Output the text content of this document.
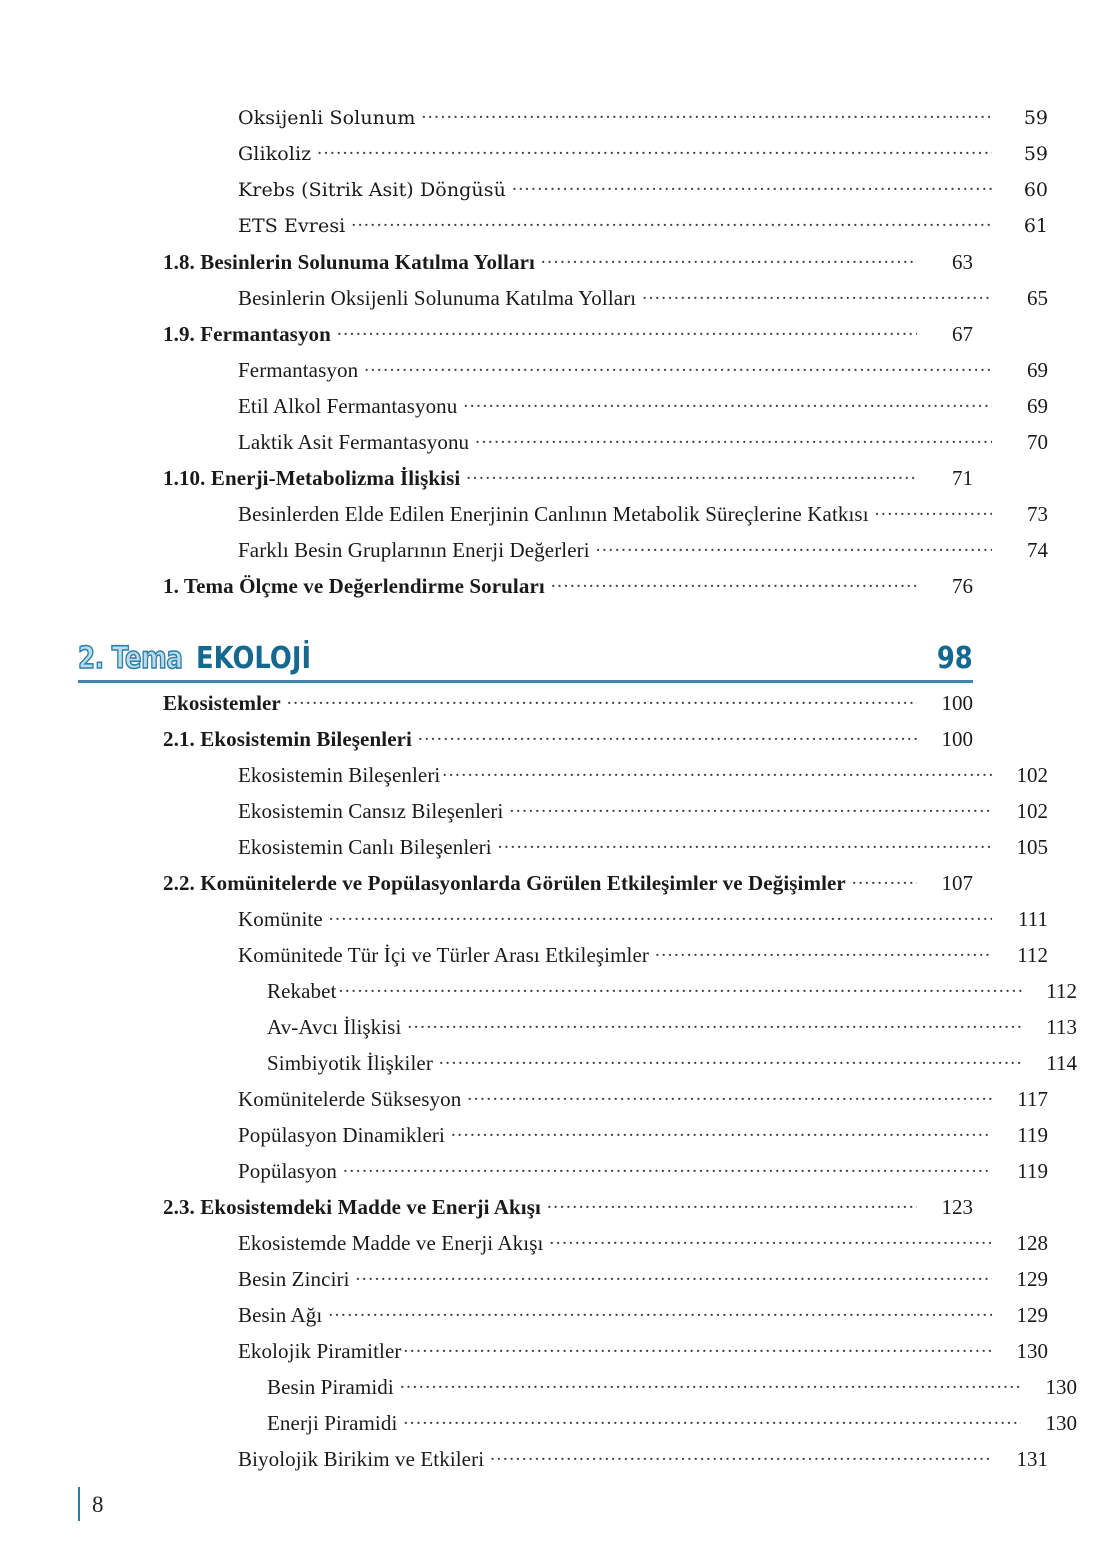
Oksijenli Solunum .....	59
Glikoliz .....	59
Krebs (Sitrik Asit) Döngüsü .....	60
ETS Evresi .....	61
1.8. Besinlerin Solunuma Katılma Yolları .....	63
Besinlerin Oksijenli Solunuma Katılma Yolları .....	65
1.9. Fermantasyon .....	67
Fermantasyon .....	69
Etil Alkol Fermantasyonu .....	69
Laktik Asit Fermantasyonu .....	70
1.10. Enerji-Metabolizma İlişkisi .....	71
Besinlerden Elde Edilen Enerjinin Canlının Metabolik Süreçlerine Katkısı .....	73
Farklı Besin Gruplarının Enerji Değerleri .....	74
1. Tema Ölçme ve Değerlendirme Soruları .....	76
2. Tema EKOLOJİ	98
Ekosistemler .....	100
2.1. Ekosistemin Bileşenleri .....	100
Ekosistemin Bileşenleri .....	102
Ekosistemin Cansız Bileşenleri .....	102
Ekosistemin Canlı Bileşenleri .....	105
2.2. Komünitelerde ve Popülasyonlarda Görülen Etkileşimler ve Değişimler .....	107
Komünite .....	111
Komünitede Tür İçi ve Türler Arası Etkileşimler .....	112
Rekabet .....	112
Av-Avcı İlişkisi .....	113
Simbiyotik İlişkiler .....	114
Komünitelerde Süksesyon .....	117
Popülasyon Dinamikleri .....	119
Popülasyon .....	119
2.3. Ekosistemdeki Madde ve Enerji Akışı .....	123
Ekosistemde Madde ve Enerji Akışı .....	128
Besin Zinciri .....	129
Besin Ağı .....	129
Ekolojik Piramitler .....	130
Besin Piramidi .....	130
Enerji Piramidi .....	130
Biyolojik Birikim ve Etkileri .....	131
8
